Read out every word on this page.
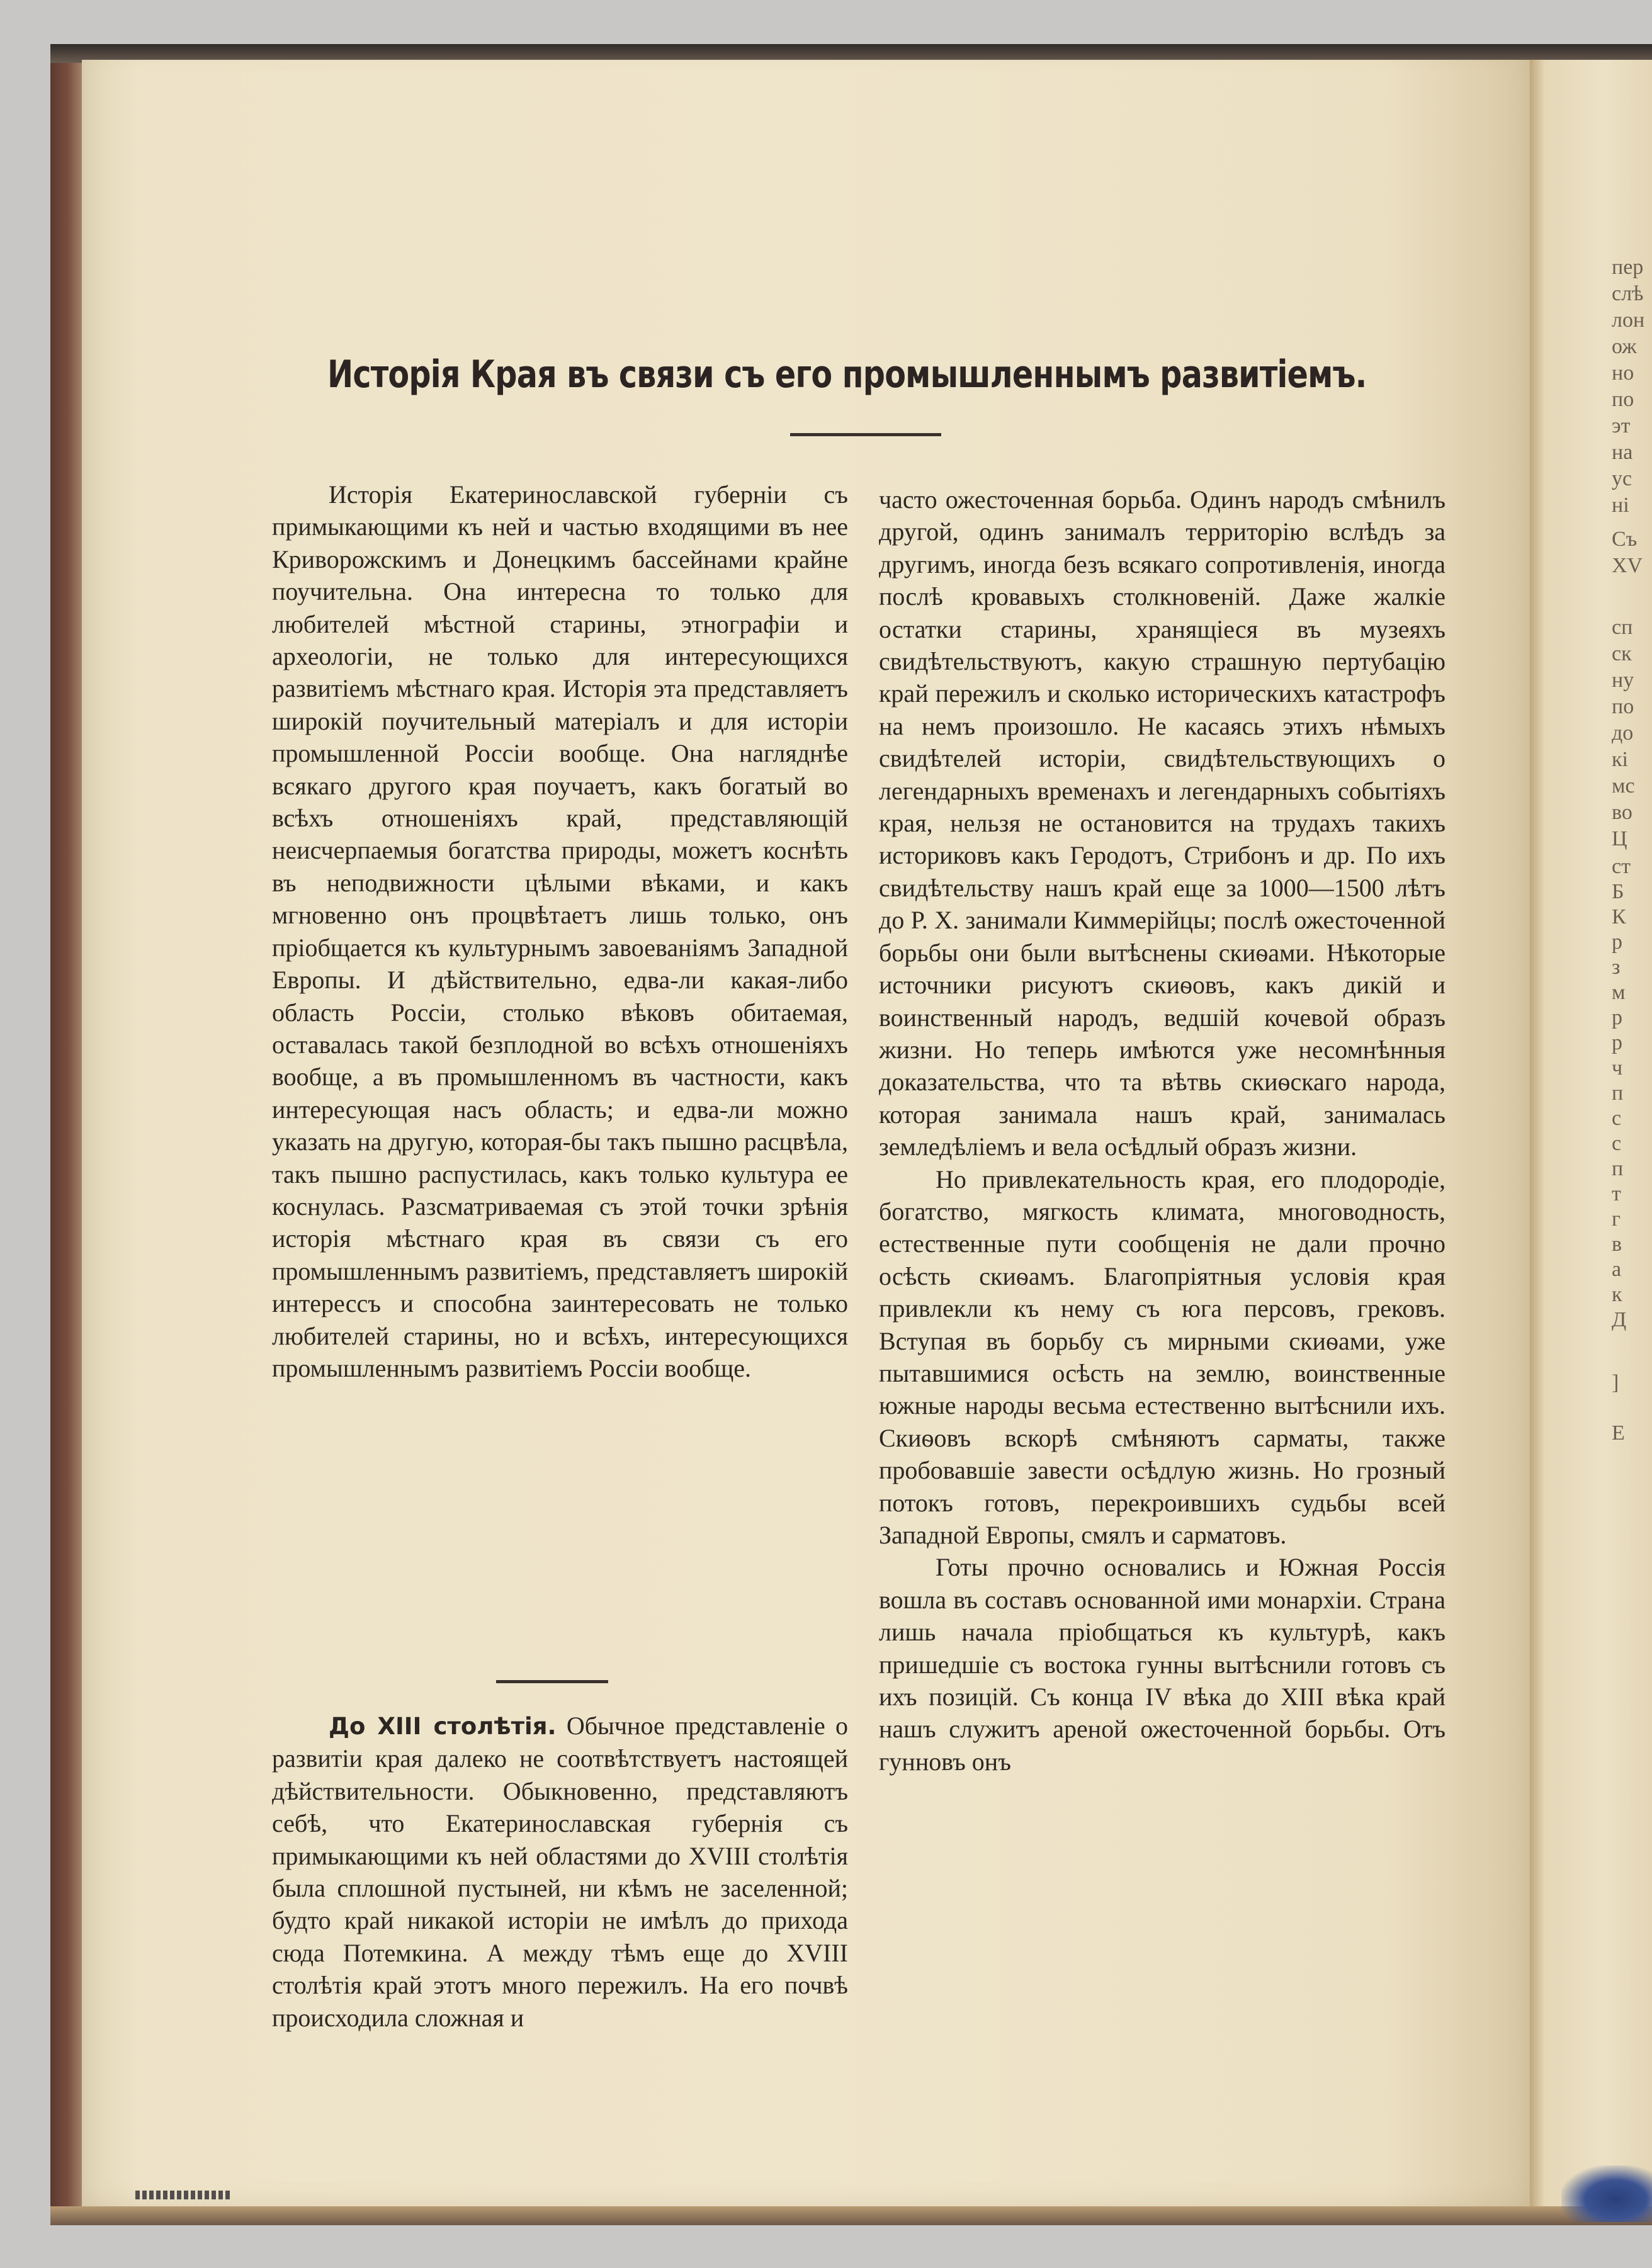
пер
слѣ
лон
ож
но
по
эт
на
ус
ні
Съ
XV
сп
ск
ну
по
до
кі
мс
во
Ц
ст
Б
К
р
з
м
р
р
ч
п
с
с
п
т
г
в
а
к
Д
]
Е
Исторія Края въ связи съ его промышленнымъ развитіемъ.

Исторія Екатеринославской губерніи съ примыкающими къ ней и частью входящими въ нее Криворожскимъ и Донецкимъ бассейнами крайне поучительна. Она интересна то только для любителей мѣстной старины, этнографіи и археологіи, не только для интересующихся развитіемъ мѣстнаго края. Исторія эта представляетъ широкій поучительный матеріалъ и для исторіи промышленной Россіи вообще. Она нагляднѣе всякаго другого края поучаетъ, какъ богатый во всѣхъ отношеніяхъ край, представляющій неисчерпаемыя богатства природы, можетъ коснѣть въ неподвижности цѣлыми вѣками, и какъ мгновенно онъ процвѣтаетъ лишь только, онъ пріобщается къ культурнымъ завоеваніямъ Западной Европы. И дѣйствительно, едва-ли какая-либо область Россіи, столько вѣковъ обитаемая, оставалась такой безплодной во всѣхъ отношеніяхъ вообще, а въ промышленномъ въ частности, какъ интересующая насъ область; и едва-ли можно указать на другую, которая-бы такъ пышно расцвѣла, такъ пышно распустилась, какъ только культура ее коснулась. Разсматриваемая съ этой точки зрѣнія исторія мѣстнаго края въ связи съ его промышленнымъ развитіемъ, представляетъ широкій интерессъ и способна заинтересовать не только любителей старины, но и всѣхъ, интересующихся промышленнымъ развитіемъ Россіи вообще.

До XIII столѣтія. Обычное представленіе о развитіи края далеко не соотвѣтствуетъ настоящей дѣйствительности. Обыкновенно, представляютъ себѣ, что Екатеринославская губернія съ примыкающими къ ней областями до XVIII столѣтія была сплошной пустыней, ни кѣмъ не заселенной; будто край никакой исторіи не имѣлъ до прихода сюда Потемкина. А между тѣмъ еще до XVIII столѣтія край этотъ много пережилъ. На его почвѣ происходила сложная и

часто ожесточенная борьба. Одинъ народъ смѣнилъ другой, одинъ занималъ территорію вслѣдъ за другимъ, иногда безъ всякаго сопротивленія, иногда послѣ кровавыхъ столкновеній. Даже жалкіе остатки старины, хранящіеся въ музеяхъ свидѣтельствуютъ, какую страшную пертубацію край пережилъ и сколько историческихъ катастрофъ на немъ произошло. Не касаясь этихъ нѣмыхъ свидѣтелей исторіи, свидѣтельствующихъ о легендарныхъ временахъ и легендарныхъ событіяхъ края, нельзя не остановится на трудахъ такихъ историковъ какъ Геродотъ, Стрибонъ и др. По ихъ свидѣтельству нашъ край еще за 1000—1500 лѣтъ до Р. Х. занимали Киммерійцы; послѣ ожесточенной борьбы они были вытѣснены скиѳами. Нѣкоторые источники рисуютъ скиѳовъ, какъ дикій и воинственный народъ, ведшій кочевой образъ жизни. Но теперь имѣются уже несомнѣнныя доказательства, что та вѣтвь скиѳскаго народа, которая занимала нашъ край, занималась земледѣліемъ и вела осѣдлый образъ жизни.

Но привлекательность края, его плодородіе, богатство, мягкость климата, многоводность, естественные пути сообщенія не дали прочно осѣсть скиѳамъ. Благопріятныя условія края привлекли къ нему съ юга персовъ, грековъ. Вступая въ борьбу съ мирными скиѳами, уже пытавшимися осѣсть на землю, воинственные южные народы весьма естественно вытѣснили ихъ. Скиѳовъ вскорѣ смѣняютъ сарматы, также пробовавшіе завести осѣдлую жизнь. Но грозный потокъ готовъ, перекроившихъ судьбы всей Западной Европы, смялъ и сарматовъ.

Готы прочно основались и Южная Россія вошла въ составъ основанной ими монархіи. Страна лишь начала пріобщаться къ культурѣ, какъ пришедшіе съ востока гунны вытѣснили готовъ съ ихъ позицій. Съ конца IV вѣка до XIII вѣка край нашъ служитъ ареной ожесточенной борьбы. Отъ гунновъ онъ
